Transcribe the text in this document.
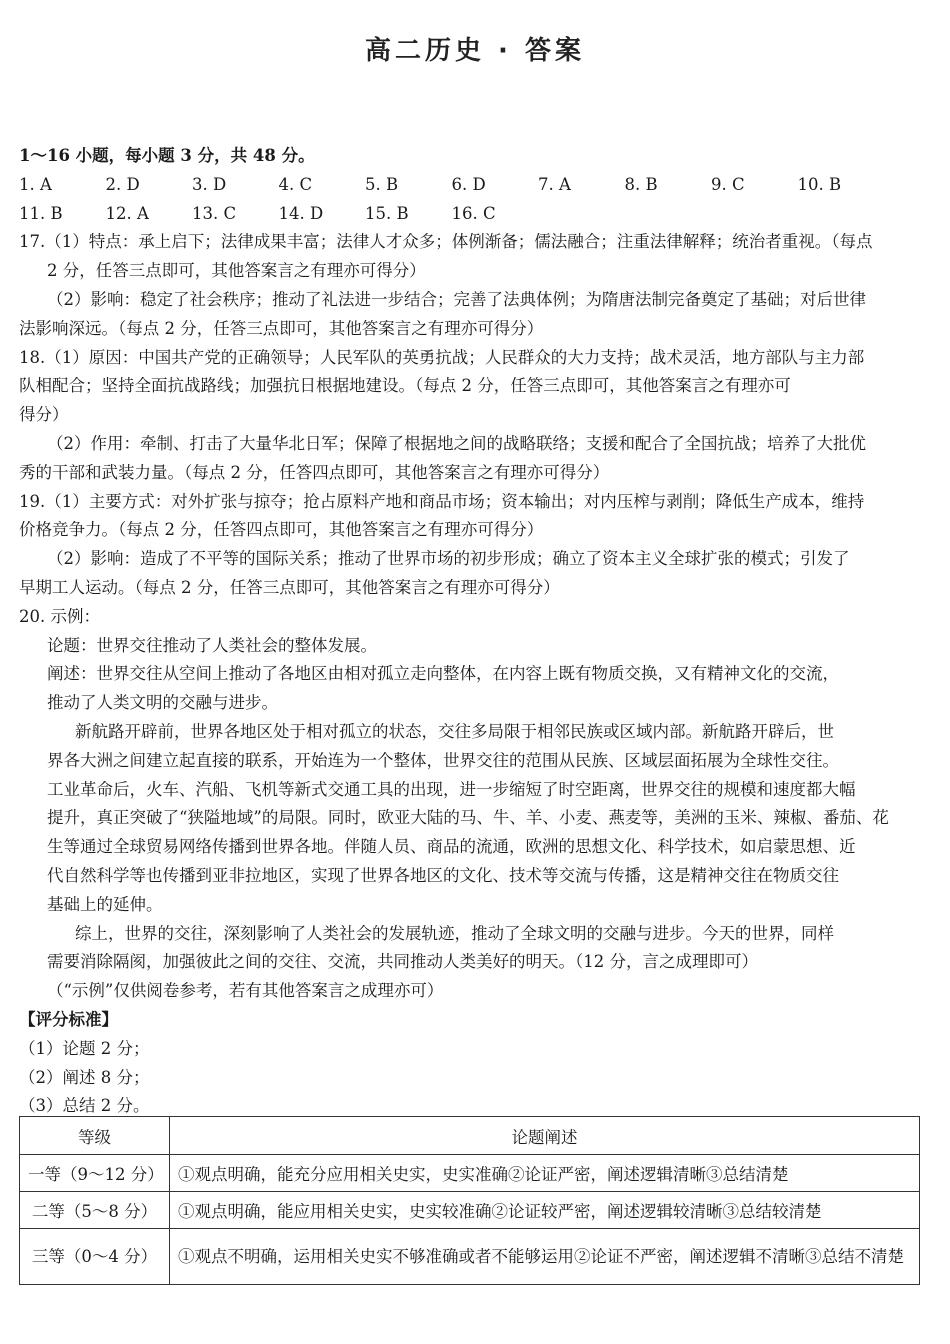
高二历史 · 答案
1～16 小题，每小题 3 分，共 48 分。
1. A	2. D	3. D	4. C	5. B	6. D	7. A	8. B	9. C	10. B
11. B	12. A	13. C	14. D	15. B	16. C
17.（1）特点：承上启下；法律成果丰富；法律人才众多；体例渐备；儒法融合；注重法律解释；统治者重视。（每点
2 分，任答三点即可，其他答案言之有理亦可得分）
（2）影响：稳定了社会秩序；推动了礼法进一步结合；完善了法典体例；为隋唐法制完备奠定了基础；对后世律
法影响深远。（每点 2 分，任答三点即可，其他答案言之有理亦可得分）
18.（1）原因：中国共产党的正确领导；人民军队的英勇抗战；人民群众的大力支持；战术灵活，地方部队与主力部
队相配合；坚持全面抗战路线；加强抗日根据地建设。（每点 2 分，任答三点即可，其他答案言之有理亦可
得分）
（2）作用：牵制、打击了大量华北日军；保障了根据地之间的战略联络；支援和配合了全国抗战；培养了大批优
秀的干部和武装力量。（每点 2 分，任答四点即可，其他答案言之有理亦可得分）
19.（1）主要方式：对外扩张与掠夺；抢占原料产地和商品市场；资本输出；对内压榨与剥削；降低生产成本，维持
价格竞争力。（每点 2 分，任答四点即可，其他答案言之有理亦可得分）
（2）影响：造成了不平等的国际关系；推动了世界市场的初步形成；确立了资本主义全球扩张的模式；引发了
早期工人运动。（每点 2 分，任答三点即可，其他答案言之有理亦可得分）
20. 示例：
论题：世界交往推动了人类社会的整体发展。
阐述：世界交往从空间上推动了各地区由相对孤立走向整体，在内容上既有物质交换，又有精神文化的交流，
推动了人类文明的交融与进步。
新航路开辟前，世界各地区处于相对孤立的状态，交往多局限于相邻民族或区域内部。新航路开辟后，世
界各大洲之间建立起直接的联系，开始连为一个整体，世界交往的范围从民族、区域层面拓展为全球性交往。
工业革命后，火车、汽船、飞机等新式交通工具的出现，进一步缩短了时空距离，世界交往的规模和速度都大幅
提升，真正突破了“狭隘地域”的局限。同时，欧亚大陆的马、牛、羊、小麦、燕麦等，美洲的玉米、辣椒、番茄、花
生等通过全球贸易网络传播到世界各地。伴随人员、商品的流通，欧洲的思想文化、科学技术，如启蒙思想、近
代自然科学等也传播到亚非拉地区，实现了世界各地区的文化、技术等交流与传播，这是精神交往在物质交往
基础上的延伸。
综上，世界的交往，深刻影响了人类社会的发展轨迹，推动了全球文明的交融与进步。今天的世界，同样
需要消除隔阂，加强彼此之间的交往、交流，共同推动人类美好的明天。（12 分，言之成理即可）
（“示例”仅供阅卷参考，若有其他答案言之成理亦可）
【评分标准】
（1）论题 2 分；
（2）阐述 8 分；
（3）总结 2 分。
等级	论题阐述
一等（9～12 分）	①观点明确，能充分应用相关史实，史实准确②论证严密，阐述逻辑清晰③总结清楚
二等（5～8 分）	①观点明确，能应用相关史实，史实较准确②论证较严密，阐述逻辑较清晰③总结较清楚
三等（0～4 分）	①观点不明确，运用相关史实不够准确或者不能够运用②论证不严密，阐述逻辑不清晰③总结不清楚
